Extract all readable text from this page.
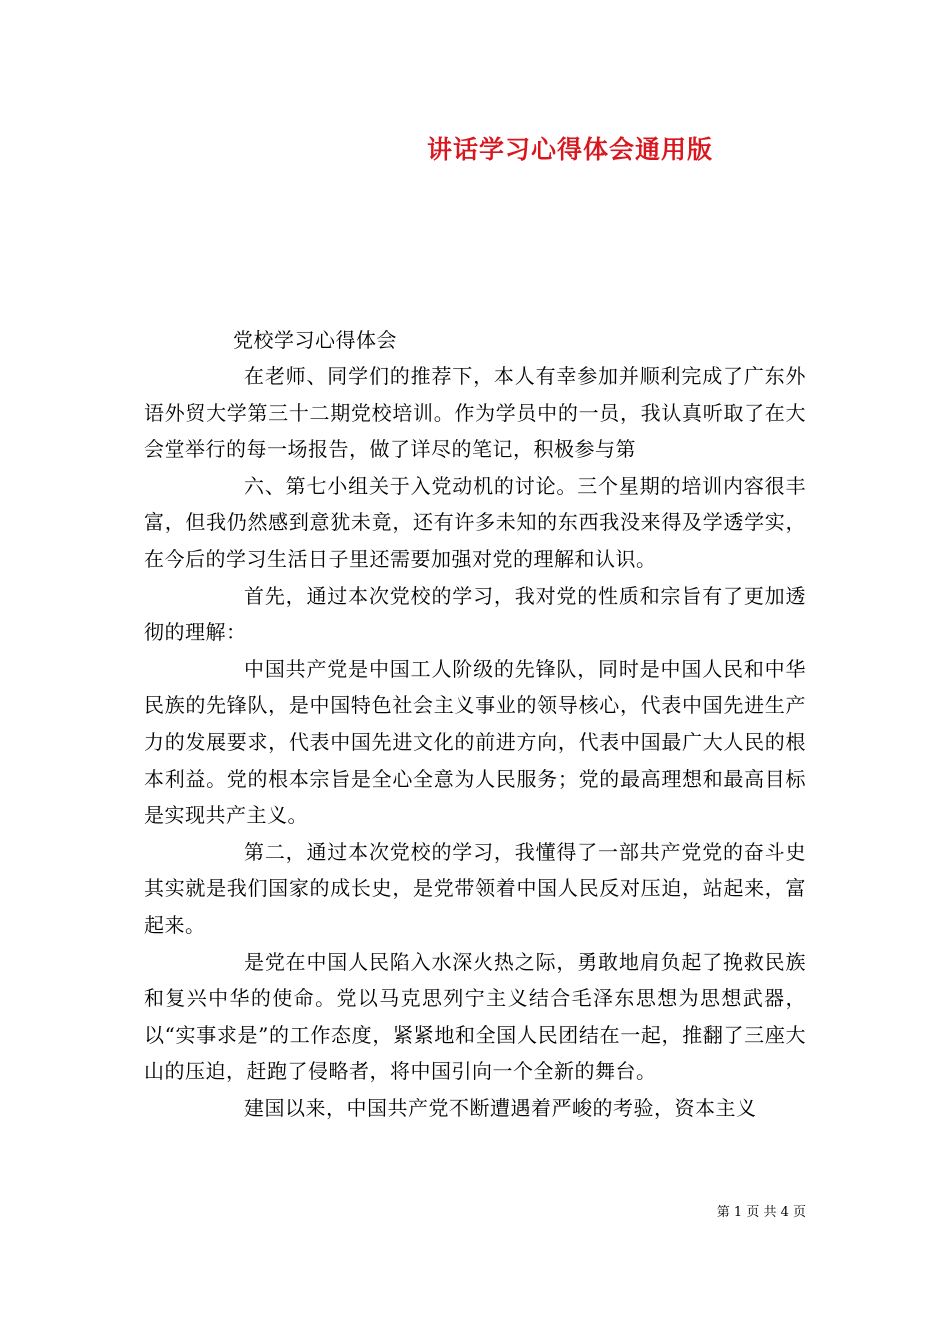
讲话学习心得体会通用版
党校学习心得体会

在老师、同学们的推荐下，本人有幸参加并顺利完成了广东外语外贸大学第三十二期党校培训。作为学员中的一员，我认真听取了在大会堂举行的每一场报告，做了详尽的笔记，积极参与第

六、第七小组关于入党动机的讨论。三个星期的培训内容很丰富，但我仍然感到意犹未竟，还有许多未知的东西我没来得及学透学实，在今后的学习生活日子里还需要加强对党的理解和认识。

首先，通过本次党校的学习，我对党的性质和宗旨有了更加透彻的理解：

中国共产党是中国工人阶级的先锋队，同时是中国人民和中华民族的先锋队，是中国特色社会主义事业的领导核心，代表中国先进生产力的发展要求，代表中国先进文化的前进方向，代表中国最广大人民的根本利益。党的根本宗旨是全心全意为人民服务；党的最高理想和最高目标是实现共产主义。

第二，通过本次党校的学习，我懂得了一部共产党党的奋斗史其实就是我们国家的成长史，是党带领着中国人民反对压迫，站起来，富起来。

是党在中国人民陷入水深火热之际，勇敢地肩负起了挽救民族和复兴中华的使命。党以马克思列宁主义结合毛泽东思想为思想武器，以“实事求是”的工作态度，紧紧地和全国人民团结在一起，推翻了三座大山的压迫，赶跑了侵略者，将中国引向一个全新的舞台。

建国以来，中国共产党不断遭遇着严峻的考验，资本主义

第 1 页 共 4 页
